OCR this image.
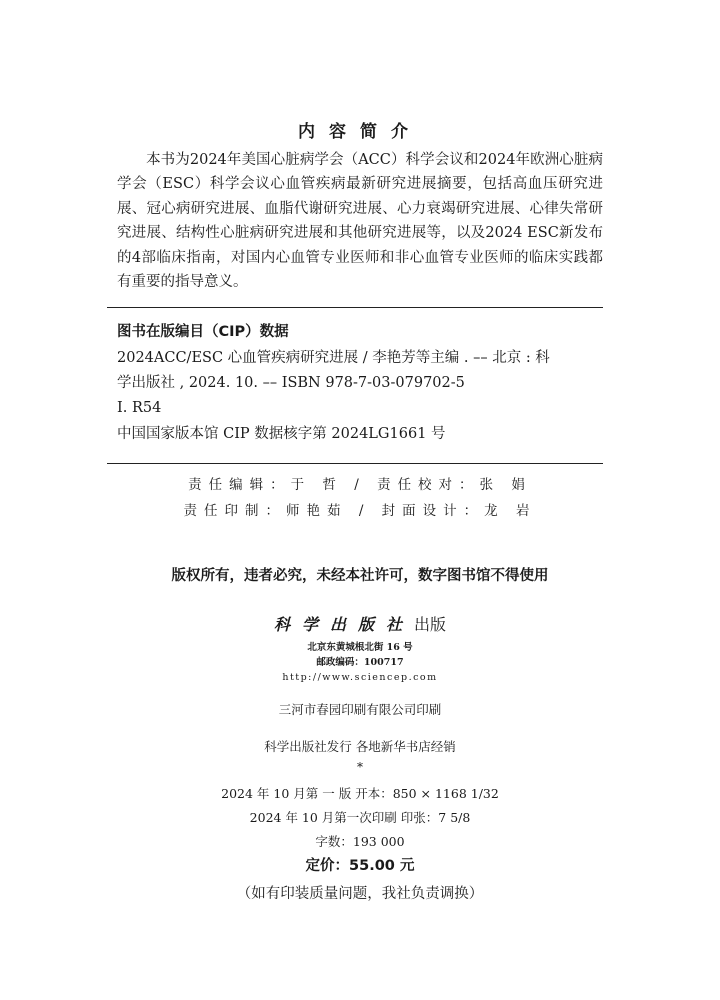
内容简介

本书为2024年美国心脏病学会（ACC）科学会议和2024年欧洲心脏病学会（ESC）科学会议心血管疾病最新研究进展摘要，包括高血压研究进展、冠心病研究进展、血脂代谢研究进展、心力衰竭研究进展、心律失常研究进展、结构性心脏病研究进展和其他研究进展等，以及2024 ESC新发布的4部临床指南，对国内心血管专业医师和非心血管专业医师的临床实践都有重要的指导意义。

图书在版编目（CIP）数据
2024ACC/ESC 心血管疾病研究进展 / 李艳芳等主编 . –– 北京 : 科
学出版社 , 2024. 10. –– ISBN 978-7-03-079702-5
Ⅰ. R54
中国国家版本馆 CIP 数据核字第 2024LG1661 号
责任编辑：于 哲 / 责任校对：张 娟
责任印制：师艳茹 / 封面设计：龙 岩
版权所有，违者必究，未经本社许可，数字图书馆不得使用
科学出版社出版
北京东黄城根北街 16 号
邮政编码：100717
http://www.sciencep.com
三河市春园印刷有限公司印刷
科学出版社发行 各地新华书店经销
*
2024 年 10 月第 一 版 开本：850 × 1168 1/32
2024 年 10 月第一次印刷 印张：7 5/8
字数：193 000
定价：55.00 元
（如有印装质量问题，我社负责调换）
